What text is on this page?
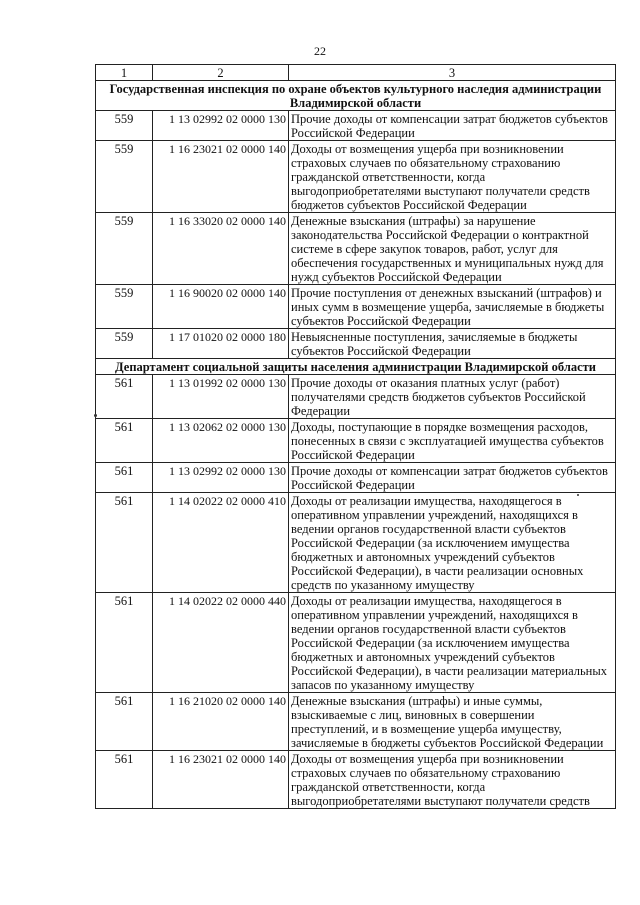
22
1	2	3
Государственная инспекция по охране объектов культурного наследия администрации Владимирской области		
559	1 13 02992 02 0000 130	Прочие доходы от компенсации затрат бюджетов субъектов Российской Федерации
559	1 16 23021 02 0000 140	Доходы от возмещения ущерба при возникновении страховых случаев по обязательному страхованию гражданской ответственности, когда выгодоприобретателями выступают получатели средств бюджетов субъектов Российской Федерации
559	1 16 33020 02 0000 140	Денежные взыскания (штрафы) за нарушение законодательства Российской Федерации о контрактной системе в сфере закупок товаров, работ, услуг для обеспечения государственных и муниципальных нужд для нужд субъектов Российской Федерации
559	1 16 90020 02 0000 140	Прочие поступления от денежных взысканий (штрафов) и иных сумм в возмещение ущерба, зачисляемые в бюджеты субъектов Российской Федерации
559	1 17 01020 02 0000 180	Невыясненные поступления, зачисляемые в бюджеты субъектов Российской Федерации
Департамент социальной защиты населения администрации Владимирской области		
561	1 13 01992 02 0000 130	Прочие доходы от оказания платных услуг (работ) получателями средств бюджетов субъектов Российской Федерации
561	1 13 02062 02 0000 130	Доходы, поступающие в порядке возмещения расходов, понесенных в связи с эксплуатацией имущества субъектов Российской Федерации
561	1 13 02992 02 0000 130	Прочие доходы от компенсации затрат бюджетов субъектов Российской Федерации
561	1 14 02022 02 0000 410	Доходы от реализации имущества, находящегося в оперативном управлении учреждений, находящихся в ведении органов государственной власти субъектов Российской Федерации (за исключением имущества бюджетных и автономных учреждений субъектов Российской Федерации), в части реализации основных средств по указанному имуществу
561	1 14 02022 02 0000 440	Доходы от реализации имущества, находящегося в оперативном управлении учреждений, находящихся в ведении органов государственной власти субъектов Российской Федерации (за исключением имущества бюджетных и автономных учреждений субъектов Российской Федерации), в части реализации материальных запасов по указанному имуществу
561	1 16 21020 02 0000 140	Денежные взыскания (штрафы) и иные суммы, взыскиваемые с лиц, виновных в совершении преступлений, и в возмещение ущерба имуществу, зачисляемые в бюджеты субъектов Российской Федерации
561	1 16 23021 02 0000 140	Доходы от возмещения ущерба при возникновении страховых случаев по обязательному страхованию гражданской ответственности, когда выгодоприобретателями выступают получатели средств
